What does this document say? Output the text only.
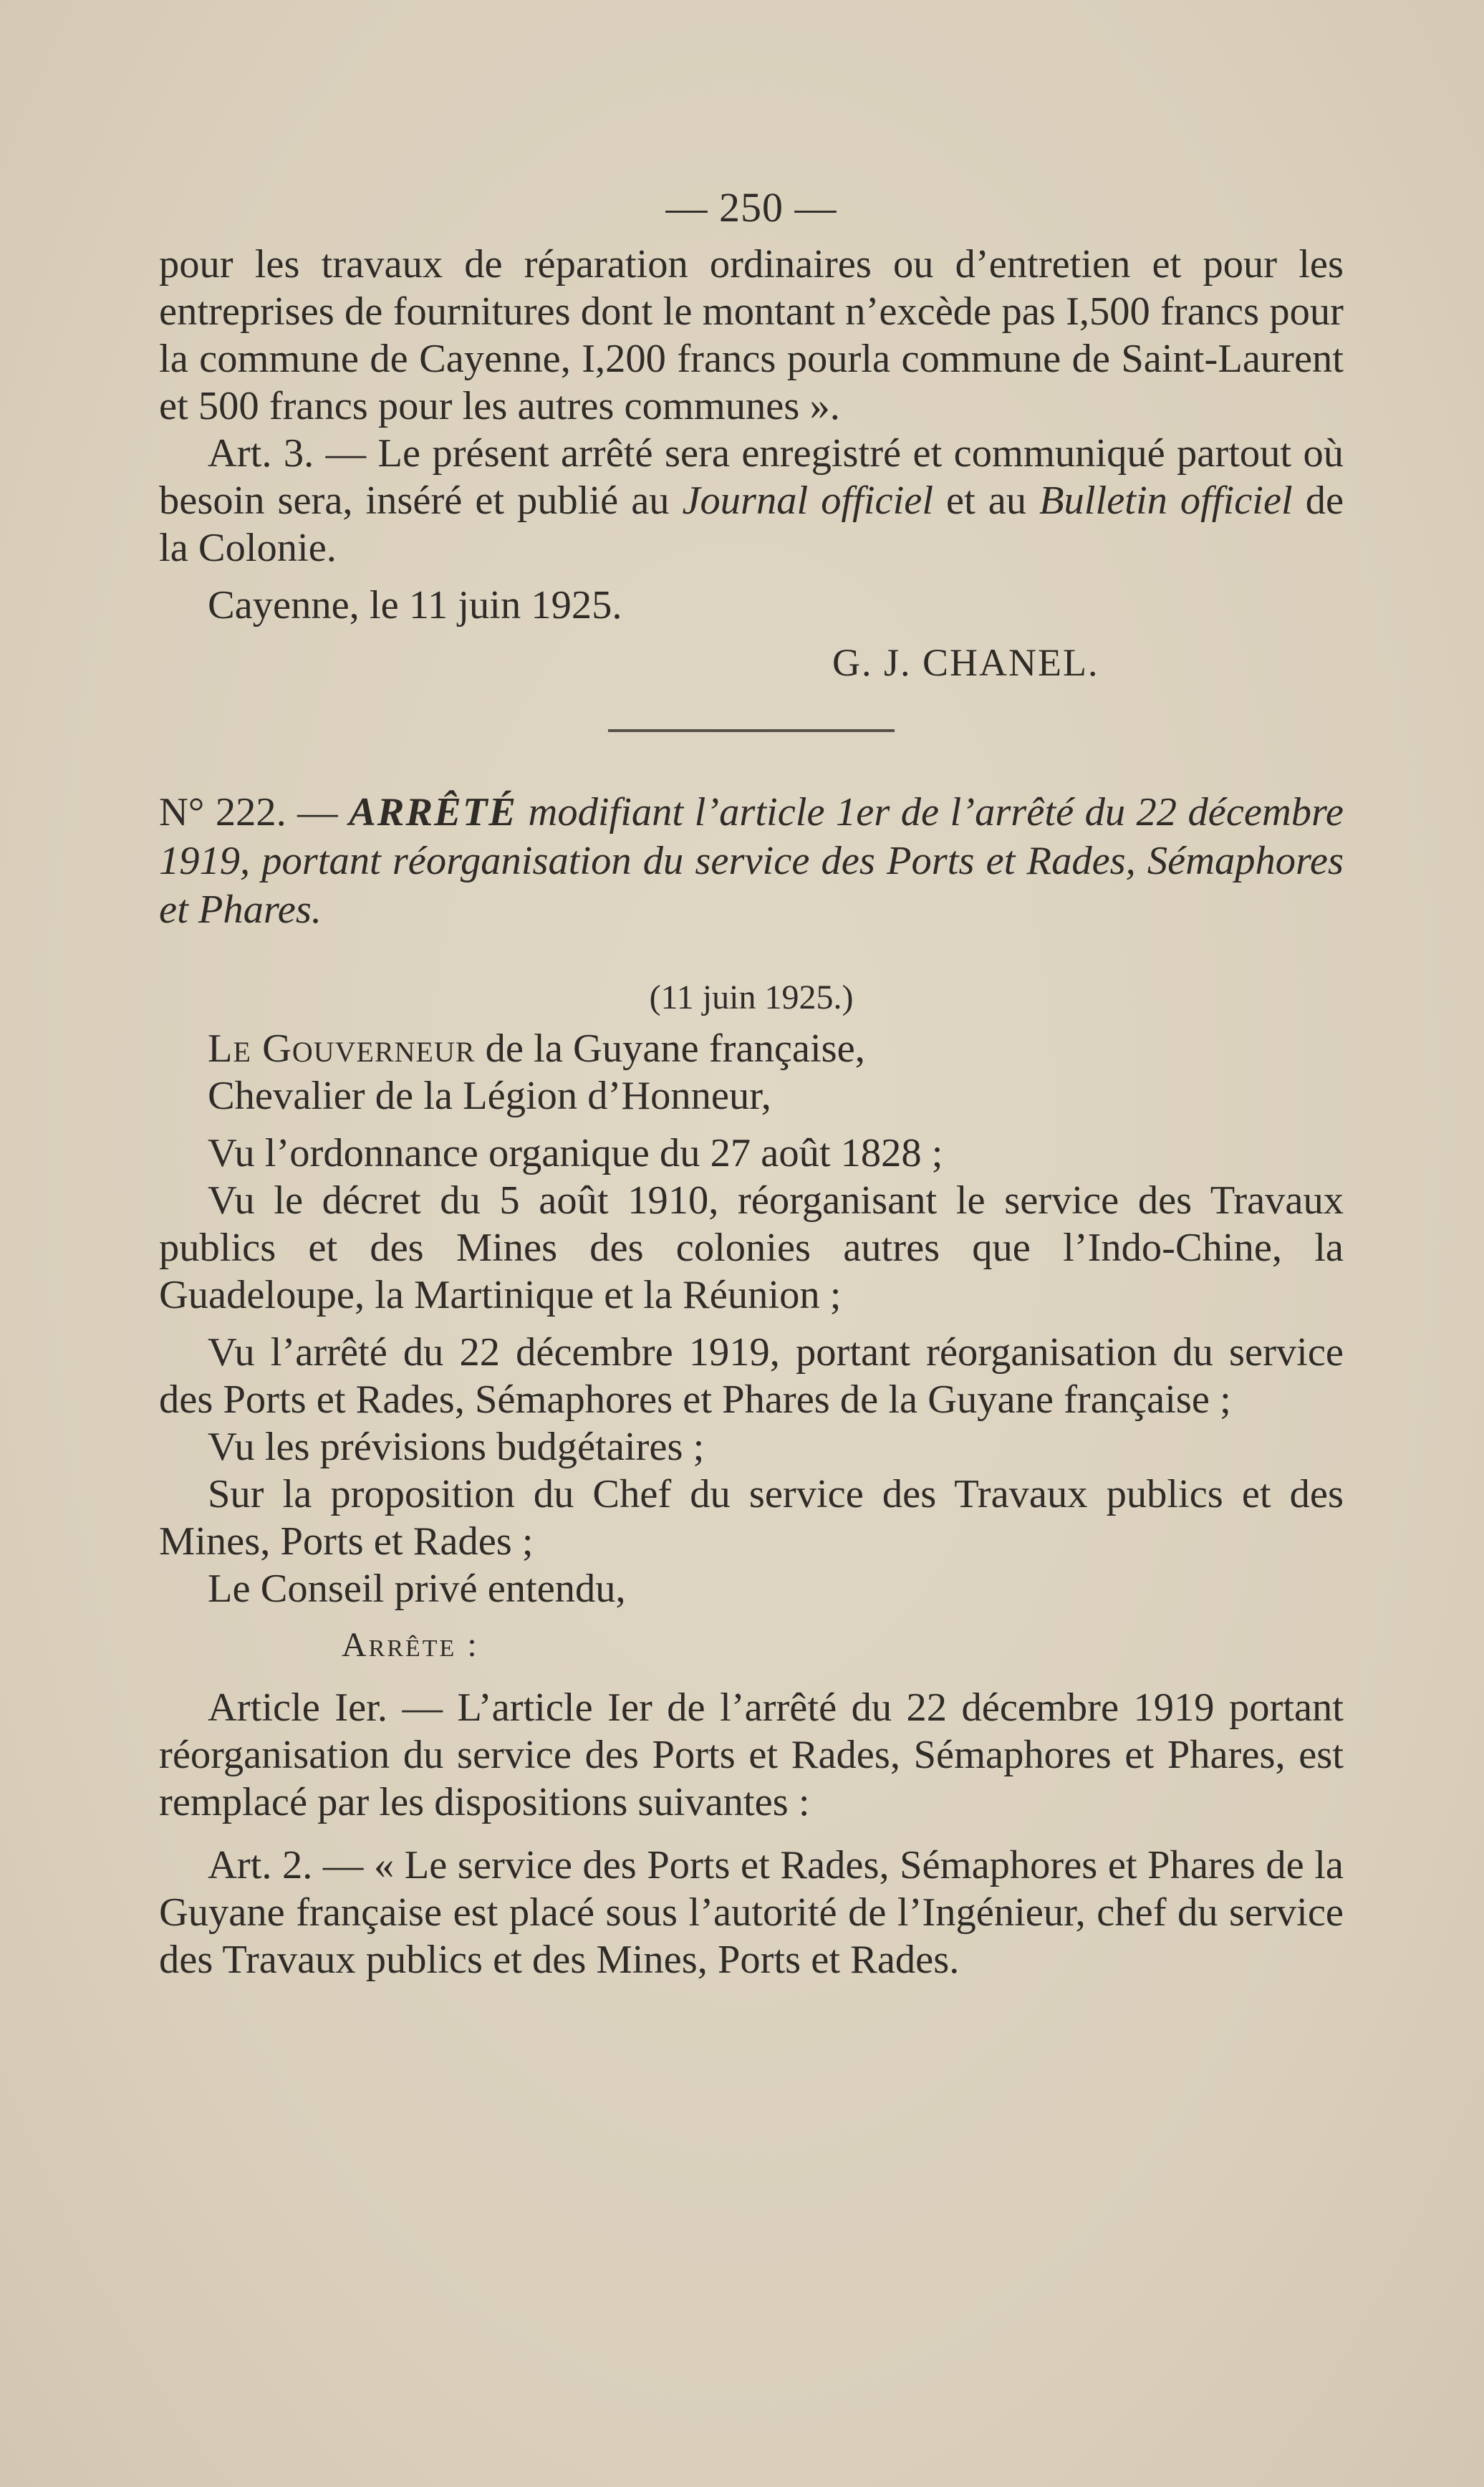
— 250 —

pour les travaux de réparation ordinaires ou d’entretien et pour les entreprises de fournitures dont le montant n’excède pas I,500 francs pour la commune de Cayenne, I,200 francs pourla commune de Saint-Laurent et 500 francs pour les autres communes ».

Art. 3. — Le présent arrêté sera enregistré et communiqué partout où besoin sera, inséré et publié au Journal officiel et au Bulletin officiel de la Colonie.

Cayenne, le 11 juin 1925.

G. J. CHANEL.

N° 222. — ARRÊTÉ modifiant l’article 1er de l’arrêté du 22 décembre 1919, portant réorganisation du service des Ports et Rades, Sémaphores et Phares.

(11 juin 1925.)

Le Gouverneur de la Guyane française,

Chevalier de la Légion d’Honneur,

Vu l’ordonnance organique du 27 août 1828 ;

Vu le décret du 5 août 1910, réorganisant le service des Travaux publics et des Mines des colonies autres que l’Indo-Chine, la Guadeloupe, la Martinique et la Réunion ;

Vu l’arrêté du 22 décembre 1919, portant réorganisation du service des Ports et Rades, Sémaphores et Phares de la Guyane française ;

Vu les prévisions budgétaires ;

Sur la proposition du Chef du service des Travaux publics et des Mines, Ports et Rades ;

Le Conseil privé entendu,

Arrête :

Article Ier. — L’article Ier de l’arrêté du 22 décembre 1919 portant réorganisation du service des Ports et Rades, Sémaphores et Phares, est remplacé par les dispositions suivantes :

Art. 2. — « Le service des Ports et Rades, Sémaphores et Phares de la Guyane française est placé sous l’autorité de l’Ingénieur, chef du service des Travaux publics et des Mines, Ports et Rades.
